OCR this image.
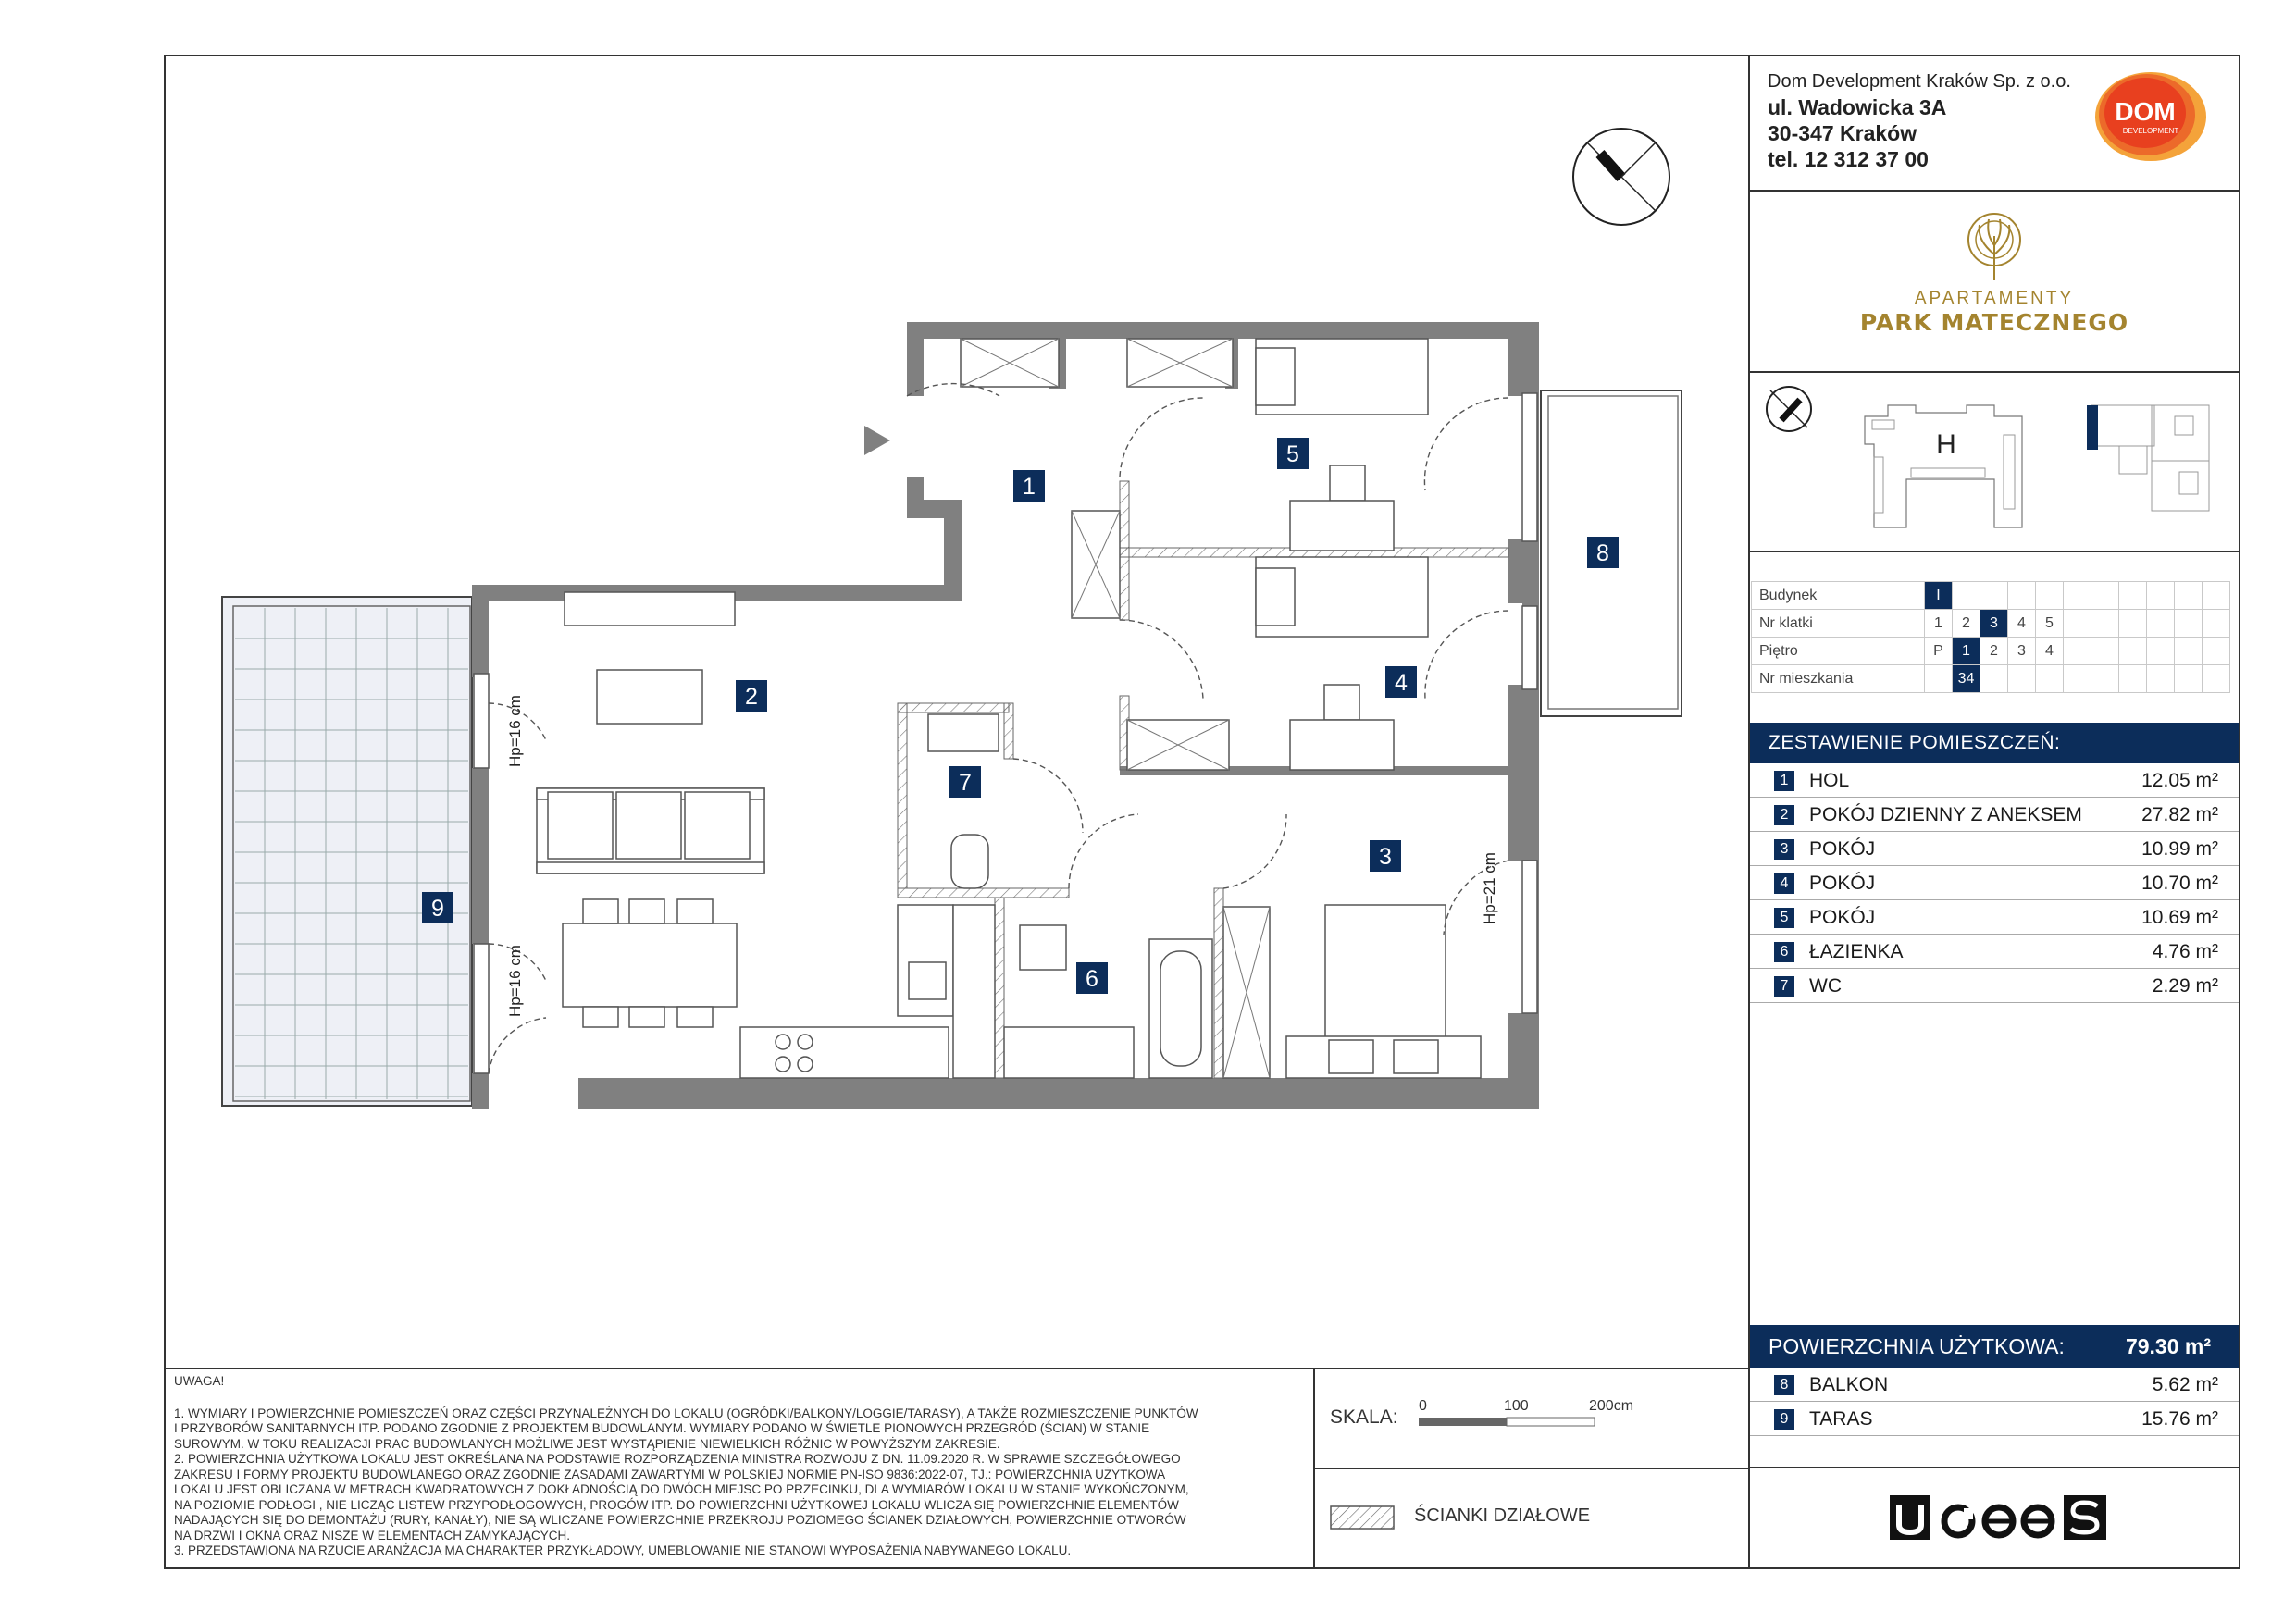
Dom Development Kraków Sp. z o.o.
ul. Wadowicka 3A
30-347 Kraków
tel. 12 312 37 00
DOM
DEVELOPMENT
APARTAMENTY
PARK MATECZNEGO
H
Budynek	I										
Nr klatki	1	2	3	4	5						
Piętro	P	1	2	3	4						
Nr mieszkania		34									
ZESTAWIENIE POMIESZCZEŃ:
1	HOL	12.05 m²
2	POKÓJ DZIENNY Z ANEKSEM	27.82 m²
3	POKÓJ	10.99 m²
4	POKÓJ	10.70 m²
5	POKÓJ	10.69 m²
6	ŁAZIENKA	4.76 m²
7	WC	2.29 m²
POWIERZCHNIA UŻYTKOWA:	79.30 m²
8	BALKON	5.62 m²
9	TARAS	15.76 m²

UWAGA!

1. WYMIARY I POWIERZCHNIE POMIESZCZEŃ ORAZ CZĘŚCI PRZYNALEŻNYCH DO LOKALU (OGRÓDKI/BALKONY/LOGGIE/TARASY), A TAKŻE ROZMIESZCZENIE PUNKTÓW

I PRZYBORÓW SANITARNYCH ITP. PODANO ZGODNIE Z PROJEKTEM BUDOWLANYM. WYMIARY PODANO W ŚWIETLE PIONOWYCH PRZEGRÓD (ŚCIAN) W STANIE

SUROWYM. W TOKU REALIZACJI PRAC BUDOWLANYCH MOŻLIWE JEST WYSTĄPIENIE NIEWIELKICH RÓŻNIC W POWYŻSZYM ZAKRESIE.

2. POWIERZCHNIA UŻYTKOWA LOKALU JEST OKREŚLANA NA PODSTAWIE ROZPORZĄDZENIA MINISTRA ROZWOJU Z DN. 11.09.2020 R. W SPRAWIE SZCZEGÓŁOWEGO

ZAKRESU I FORMY PROJEKTU BUDOWLANEGO ORAZ ZGODNIE ZASADAMI ZAWARTYMI W POLSKIEJ NORMIE PN-ISO 9836:2022-07, TJ.: POWIERZCHNIA UŻYTKOWA

LOKALU JEST OBLICZANA W METRACH KWADRATOWYCH Z DOKŁADNOŚCIĄ DO DWÓCH MIEJSC PO PRZECINKU, DLA WYMIARÓW LOKALU W STANIE WYKOŃCZONYM,

NA POZIOMIE PODŁOGI , NIE LICZĄC LISTEW PRZYPODŁOGOWYCH, PROGÓW ITP. DO POWIERZCHNI UŻYTKOWEJ LOKALU WLICZA SIĘ POWIERZCHNIE ELEMENTÓW

NADAJĄCYCH SIĘ DO DEMONTAŻU (RURY, KANAŁY), NIE SĄ WLICZANE POWIERZCHNIE PRZEKROJU POZIOMEGO ŚCIANEK DZIAŁOWYCH, POWIERZCHNIE OTWORÓW

NA DRZWI I OKNA ORAZ NISZE W ELEMENTACH ZAMYKAJĄCYCH.

3. PRZEDSTAWIONA NA RZUCIE ARANŻACJA MA CHARAKTER PRZYKŁADOWY, UMEBLOWANIE NIE STANOWI WYPOSAŻENIA NABYWANEGO LOKALU.

SKALA:
0	100	200cm
ŚCIANKI DZIAŁOWE
1
2
3
4
5
6
7
8
9
Hp=16 cm
Hp=16 cm
Hp=21 cm
